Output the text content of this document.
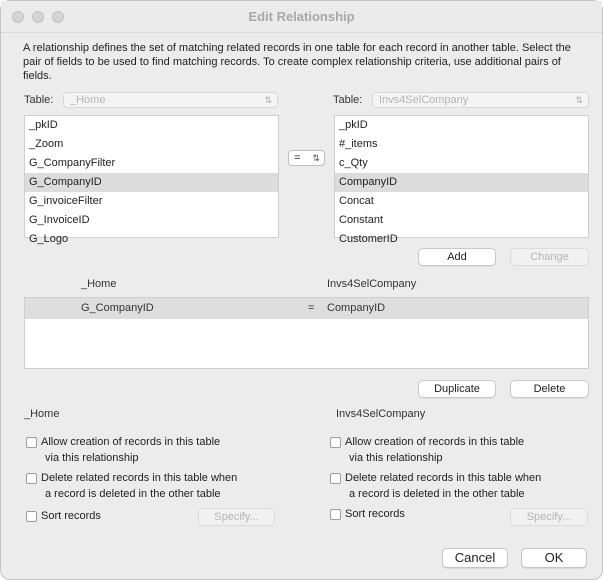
Edit Relationship
A relationship defines the set of matching related records in one table for each record in another table. Select the pair of fields to be used to find matching records. To create complex relationship criteria, use additional pairs of fields.
Table:	_Home	⇅	Table:	Invs4SelCompany	⇅
_pkID
_Zoom
G_CompanyFilter
G_CompanyID
G_invoiceFilter
G_InvoiceID
G_Logo
= ⇅
_pkID
#_items
c_Qty
CompanyID
Concat
Constant
CustomerID
Add	Change
_Home	Invs4SelCompany
G_CompanyID	= CompanyID
Duplicate	Delete
_Home
Allow creation of records in this table
via this relationship
Delete related records in this table when
a record is deleted in the other table
Sort records	Specify...
Invs4SelCompany
Allow creation of records in this table
via this relationship
Delete related records in this table when
a record is deleted in the other table
Sort records	Specify...
Cancel	OK
